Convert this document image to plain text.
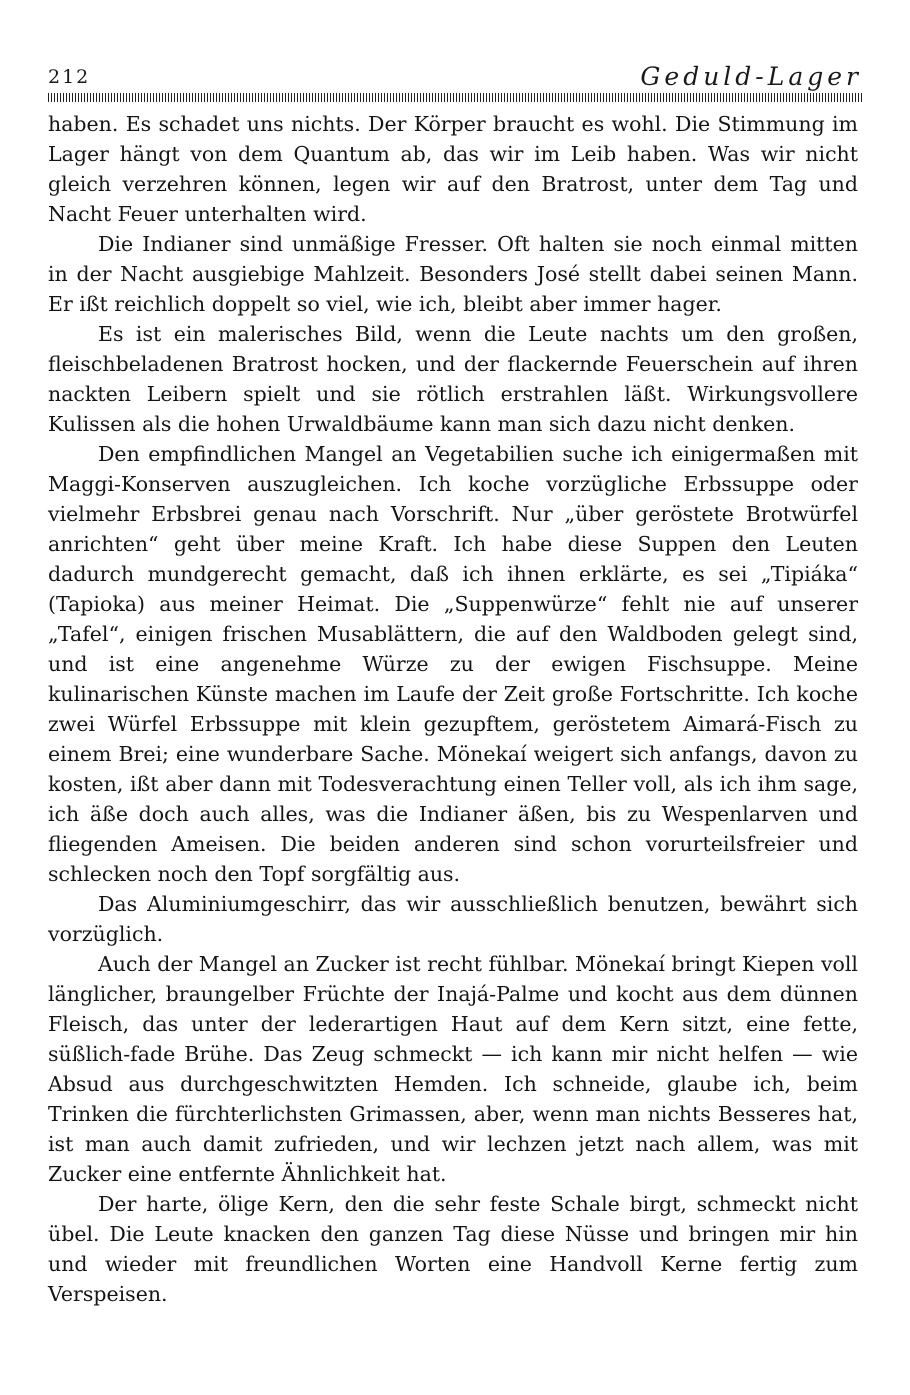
212	Geduld-Lager

haben. Es schadet uns nichts. Der Körper braucht es wohl. Die Stimmung im Lager hängt von dem Quantum ab, das wir im Leib haben. Was wir nicht gleich verzehren können, legen wir auf den Bratrost, unter dem Tag und Nacht Feuer unterhalten wird.

Die Indianer sind unmäßige Fresser. Oft halten sie noch einmal mitten in der Nacht ausgiebige Mahlzeit. Besonders José stellt dabei seinen Mann. Er ißt reichlich doppelt so viel, wie ich, bleibt aber immer hager.

Es ist ein malerisches Bild, wenn die Leute nachts um den großen, fleischbeladenen Bratrost hocken, und der flackernde Feuerschein auf ihren nackten Leibern spielt und sie rötlich erstrahlen läßt. Wirkungsvollere Kulissen als die hohen Urwaldbäume kann man sich dazu nicht denken.

Den empfindlichen Mangel an Vegetabilien suche ich einigermaßen mit Maggi-Konserven auszugleichen. Ich koche vorzügliche Erbssuppe oder vielmehr Erbsbrei genau nach Vorschrift. Nur „über geröstete Brotwürfel anrichten“ geht über meine Kraft. Ich habe diese Suppen den Leuten dadurch mundgerecht gemacht, daß ich ihnen erklärte, es sei „Tipiáka“ (Tapioka) aus meiner Heimat. Die „Suppenwürze“ fehlt nie auf unserer „Tafel“, einigen frischen Musablättern, die auf den Waldboden gelegt sind, und ist eine angenehme Würze zu der ewigen Fischsuppe. Meine kulinarischen Künste machen im Laufe der Zeit große Fortschritte. Ich koche zwei Würfel Erbssuppe mit klein gezupftem, geröstetem Aimará-Fisch zu einem Brei; eine wunderbare Sache. Mönekaí weigert sich anfangs, davon zu kosten, ißt aber dann mit Todesverachtung einen Teller voll, als ich ihm sage, ich äße doch auch alles, was die Indianer äßen, bis zu Wespenlarven und fliegenden Ameisen. Die beiden anderen sind schon vorurteilsfreier und schlecken noch den Topf sorgfältig aus.

Das Aluminiumgeschirr, das wir ausschließlich benutzen, bewährt sich vorzüglich.

Auch der Mangel an Zucker ist recht fühlbar. Mönekaí bringt Kiepen voll länglicher, braungelber Früchte der Inajá-Palme und kocht aus dem dünnen Fleisch, das unter der lederartigen Haut auf dem Kern sitzt, eine fette, süßlich-fade Brühe. Das Zeug schmeckt — ich kann mir nicht helfen — wie Absud aus durchgeschwitzten Hemden. Ich schneide, glaube ich, beim Trinken die fürchterlichsten Grimassen, aber, wenn man nichts Besseres hat, ist man auch damit zufrieden, und wir lechzen jetzt nach allem, was mit Zucker eine entfernte Ähnlichkeit hat.

Der harte, ölige Kern, den die sehr feste Schale birgt, schmeckt nicht übel. Die Leute knacken den ganzen Tag diese Nüsse und bringen mir hin und wieder mit freundlichen Worten eine Handvoll Kerne fertig zum Verspeisen.
